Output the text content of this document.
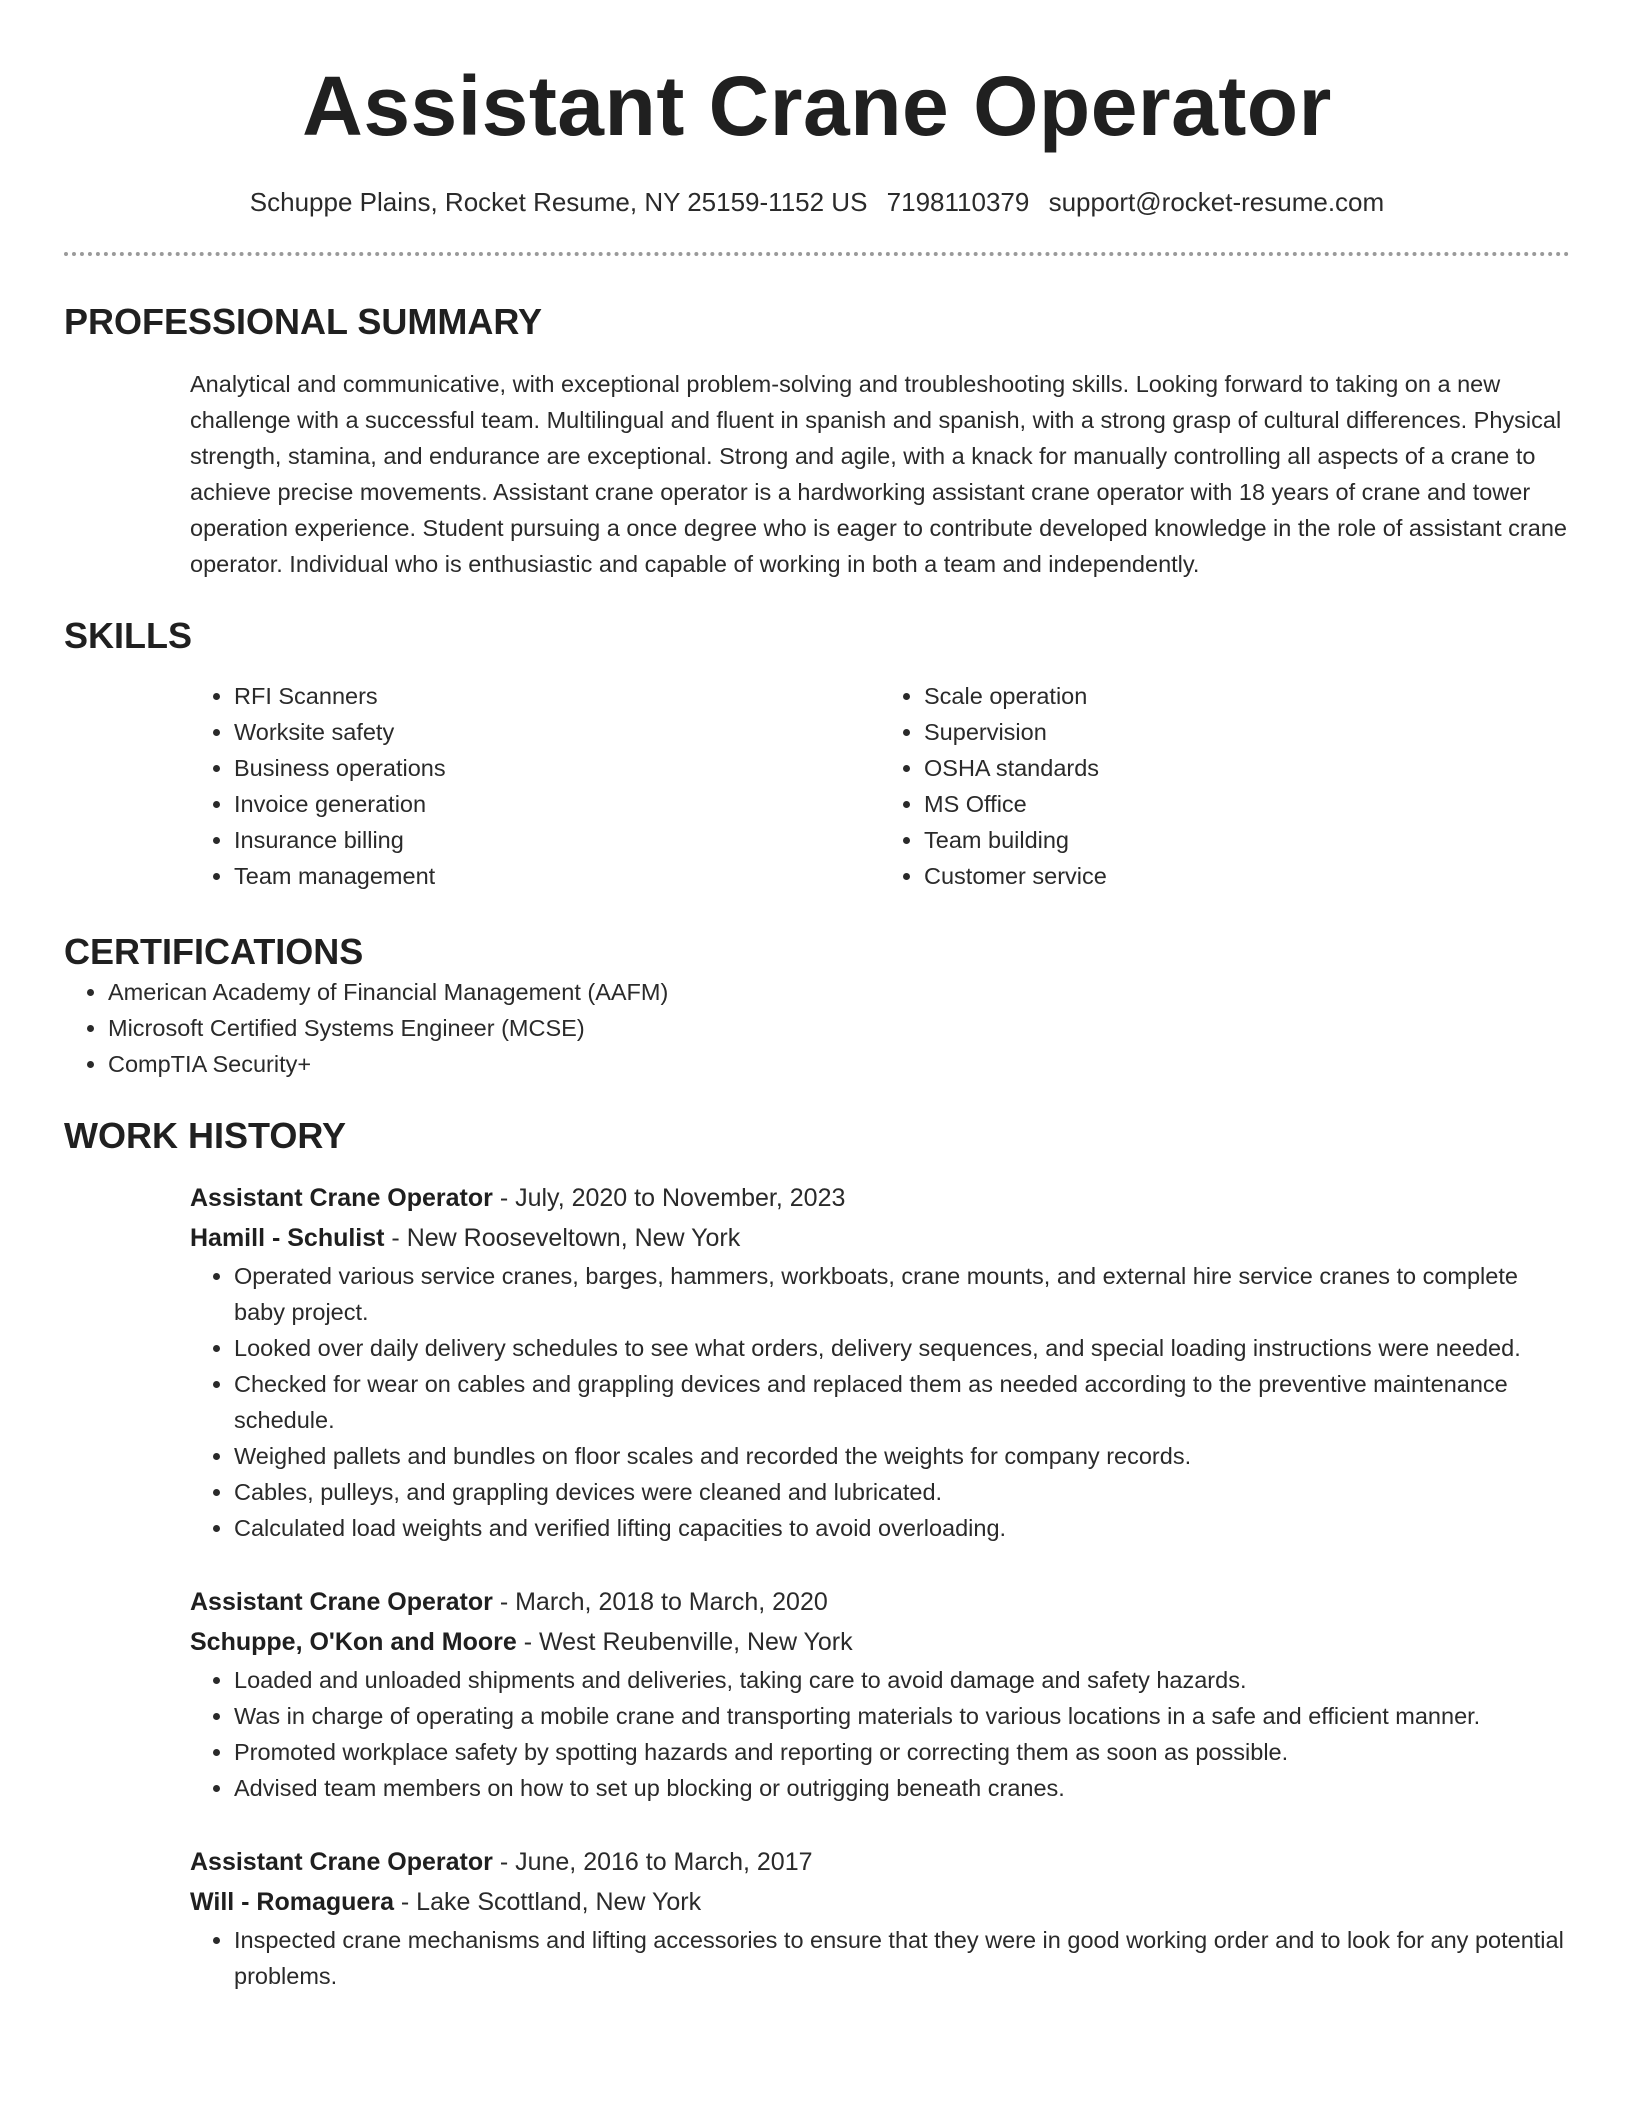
Assistant Crane Operator
Schuppe Plains, Rocket Resume, NY 25159-1152 US 7198110379 support@rocket-resume.com
PROFESSIONAL SUMMARY

Analytical and communicative, with exceptional problem-solving and troubleshooting skills. Looking forward to taking on a new challenge with a successful team. Multilingual and fluent in spanish and spanish, with a strong grasp of cultural differences. Physical strength, stamina, and endurance are exceptional. Strong and agile, with a knack for manually controlling all aspects of a crane to achieve precise movements. Assistant crane operator is a hardworking assistant crane operator with 18 years of crane and tower operation experience. Student pursuing a once degree who is eager to contribute developed knowledge in the role of assistant crane operator. Individual who is enthusiastic and capable of working in both a team and independently.

SKILLS
• RFI Scanners
• Worksite safety
• Business operations
• Invoice generation
• Insurance billing
• Team management
• Scale operation
• Supervision
• OSHA standards
• MS Office
• Team building
• Customer service
CERTIFICATIONS
• American Academy of Financial Management (AAFM)
• Microsoft Certified Systems Engineer (MCSE)
• CompTIA Security+
WORK HISTORY
Assistant Crane Operator - July, 2020 to November, 2023
Hamill - Schulist - New Rooseveltown, New York
• Operated various service cranes, barges, hammers, workboats, crane mounts, and external hire service cranes to complete baby project.
• Looked over daily delivery schedules to see what orders, delivery sequences, and special loading instructions were needed.
• Checked for wear on cables and grappling devices and replaced them as needed according to the preventive maintenance schedule.
• Weighed pallets and bundles on floor scales and recorded the weights for company records.
• Cables, pulleys, and grappling devices were cleaned and lubricated.
• Calculated load weights and verified lifting capacities to avoid overloading.
Assistant Crane Operator - March, 2018 to March, 2020
Schuppe, O'Kon and Moore - West Reubenville, New York
• Loaded and unloaded shipments and deliveries, taking care to avoid damage and safety hazards.
• Was in charge of operating a mobile crane and transporting materials to various locations in a safe and efficient manner.
• Promoted workplace safety by spotting hazards and reporting or correcting them as soon as possible.
• Advised team members on how to set up blocking or outrigging beneath cranes.
Assistant Crane Operator - June, 2016 to March, 2017
Will - Romaguera - Lake Scottland, New York
• Inspected crane mechanisms and lifting accessories to ensure that they were in good working order and to look for any potential problems.
